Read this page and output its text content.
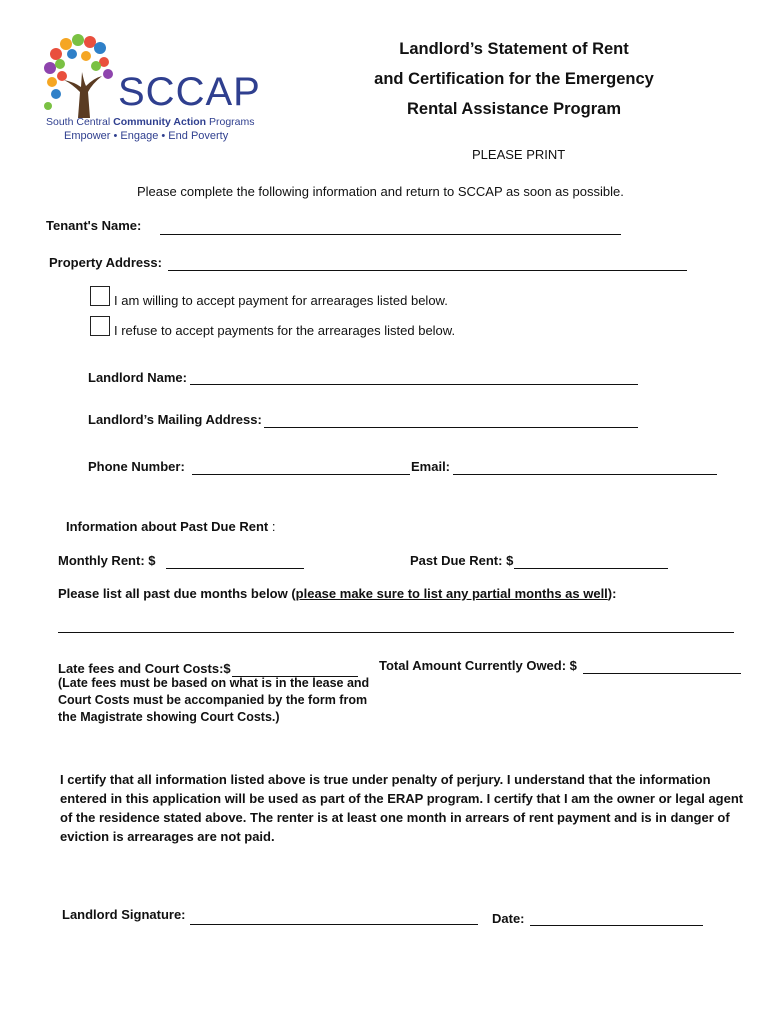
SCCAP
South Central Community Action Programs
Empower • Engage • End Poverty
Landlord’s Statement of Rent
and Certification for the Emergency
Rental Assistance Program
PLEASE PRINT
Please complete the following information and return to SCCAP as soon as possible.
Tenant's Name:
Property Address:
I am willing to accept payment for arrearages listed below.
I refuse to accept payments for the arrearages listed below.
Landlord Name:
Landlord’s Mailing Address:
Phone Number:	Email:
Information about Past Due Rent :
Monthly Rent: $	Past Due Rent: $
Please list all past due months below (please make sure to list any partial months as well):
Late fees and Court Costs:$
(Late fees must be based on what is in the lease and Court Costs must be accompanied by the form from the Magistrate showing Court Costs.)
Total Amount Currently Owed: $
I certify that all information listed above is true under penalty of perjury. I understand that the information entered in this application will be used as part of the ERAP program. I certify that I am the owner or legal agent of the residence stated above. The renter is at least one month in arrears of rent payment and is in danger of eviction is arrearages are not paid.
Landlord Signature:	Date:
